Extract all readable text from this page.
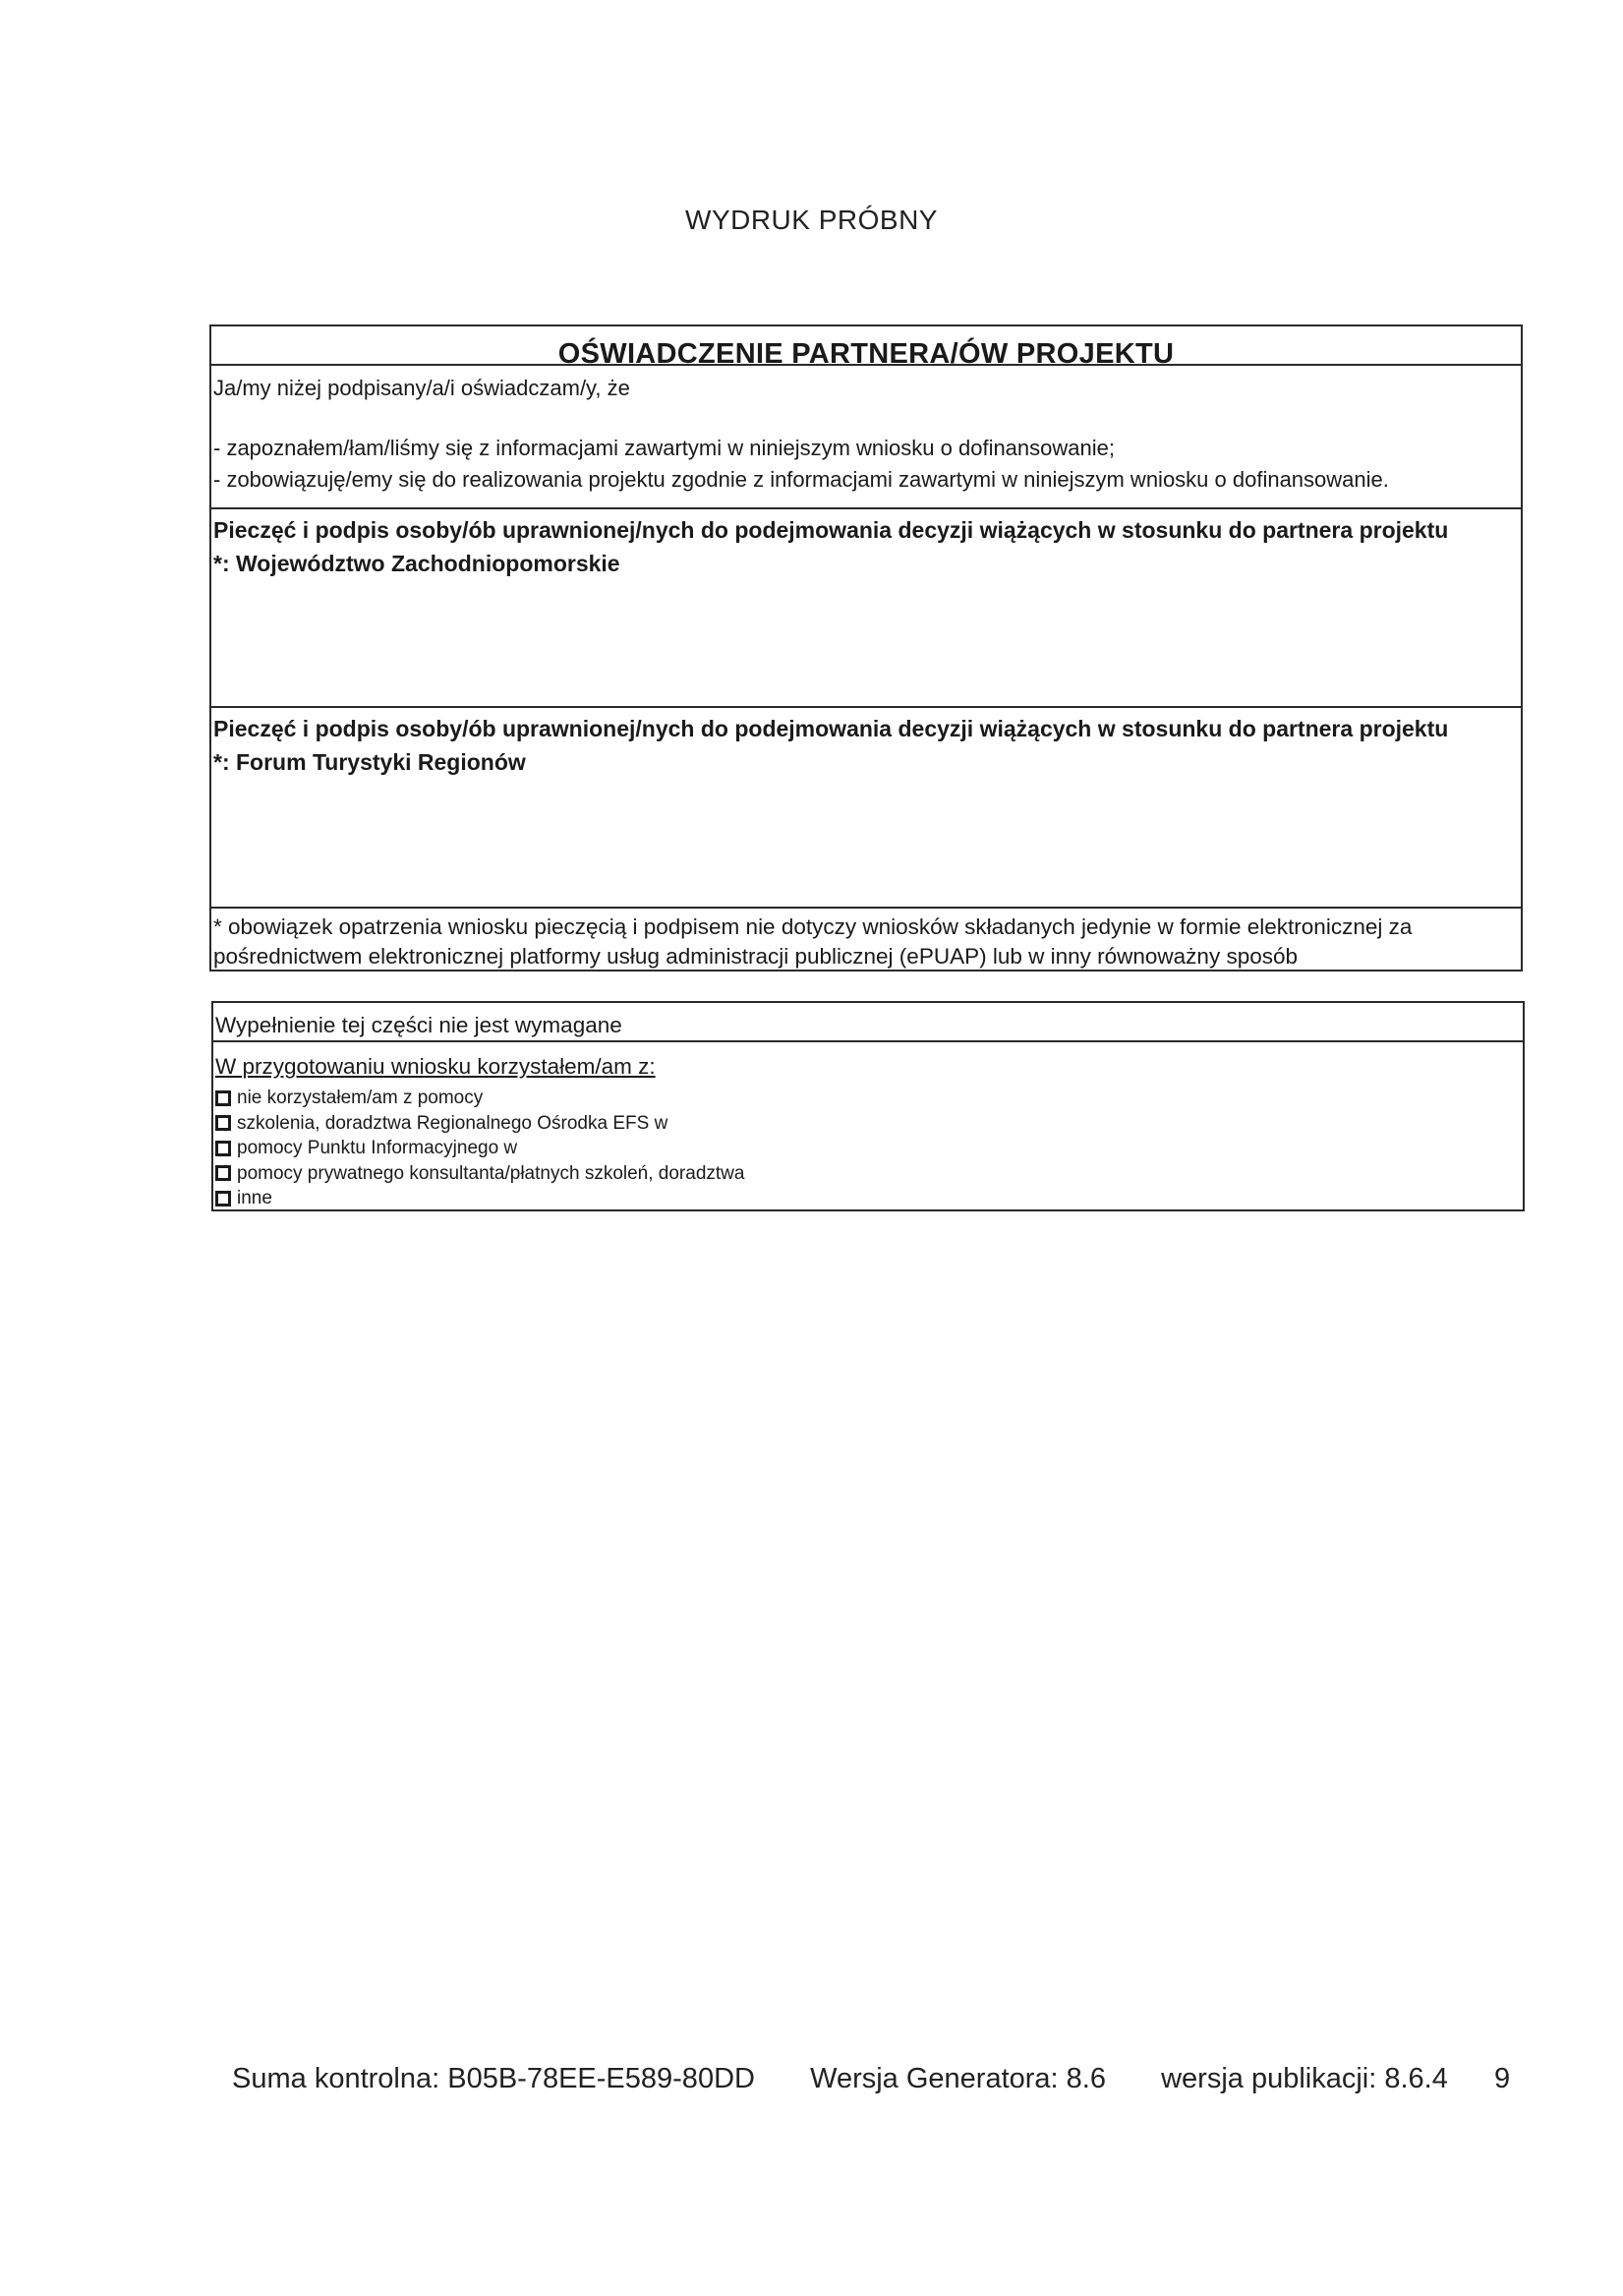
WYDRUK PRÓBNY
OŚWIADCZENIE PARTNERA/ÓW PROJEKTU
Ja/my niżej podpisany/a/i oświadczam/y, że
- zapoznałem/łam/liśmy się z informacjami zawartymi w niniejszym wniosku o dofinansowanie;
- zobowiązuję/emy się do realizowania projektu zgodnie z informacjami zawartymi w niniejszym wniosku o dofinansowanie.
Pieczęć i podpis osoby/ób uprawnionej/nych do podejmowania decyzji wiążących w stosunku do partnera projektu
*: Województwo Zachodniopomorskie
Pieczęć i podpis osoby/ób uprawnionej/nych do podejmowania decyzji wiążących w stosunku do partnera projektu
*: Forum Turystyki Regionów
* obowiązek opatrzenia wniosku pieczęcią i podpisem nie dotyczy wniosków składanych jedynie w formie elektronicznej za pośrednictwem elektronicznej platformy usług administracji publicznej (ePUAP) lub w inny równoważny sposób
Wypełnienie tej części nie jest wymagane
W przygotowaniu wniosku korzystałem/am z:
nie korzystałem/am z pomocy
szkolenia, doradztwa Regionalnego Ośrodka EFS w
pomocy Punktu Informacyjnego w
pomocy prywatnego konsultanta/płatnych szkoleń, doradztwa
inne
Suma kontrolna: B05B-78EE-E589-80DD Wersja Generatora: 8.6 wersja publikacji: 8.6.4 9
